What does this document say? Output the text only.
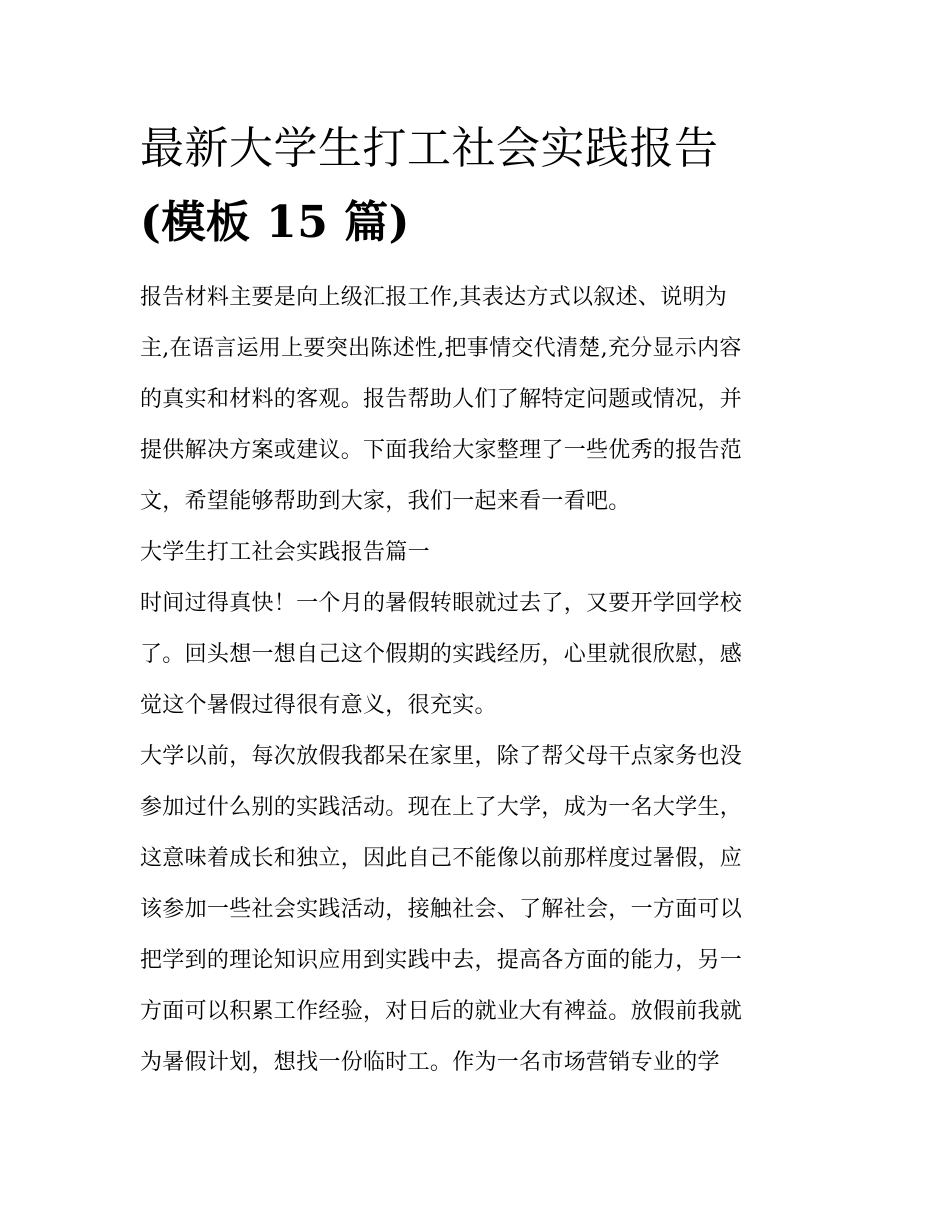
最新大学生打工社会实践报告
(模板 15 篇)

报告材料主要是向上级汇报工作,其表达方式以叙述、说明为
主,在语言运用上要突出陈述性,把事情交代清楚,充分显示内容
的真实和材料的客观。报告帮助人们了解特定问题或情况，并
提供解决方案或建议。下面我给大家整理了一些优秀的报告范
文，希望能够帮助到大家，我们一起来看一看吧。

大学生打工社会实践报告篇一

时间过得真快！一个月的暑假转眼就过去了，又要开学回学校
了。回头想一想自己这个假期的实践经历，心里就很欣慰，感
觉这个暑假过得很有意义，很充实。

大学以前，每次放假我都呆在家里，除了帮父母干点家务也没
参加过什么别的实践活动。现在上了大学，成为一名大学生，
这意味着成长和独立，因此自己不能像以前那样度过暑假，应
该参加一些社会实践活动，接触社会、了解社会，一方面可以
把学到的理论知识应用到实践中去，提高各方面的能力，另一
方面可以积累工作经验，对日后的就业大有裨益。放假前我就
为暑假计划，想找一份临时工。作为一名市场营销专业的学
